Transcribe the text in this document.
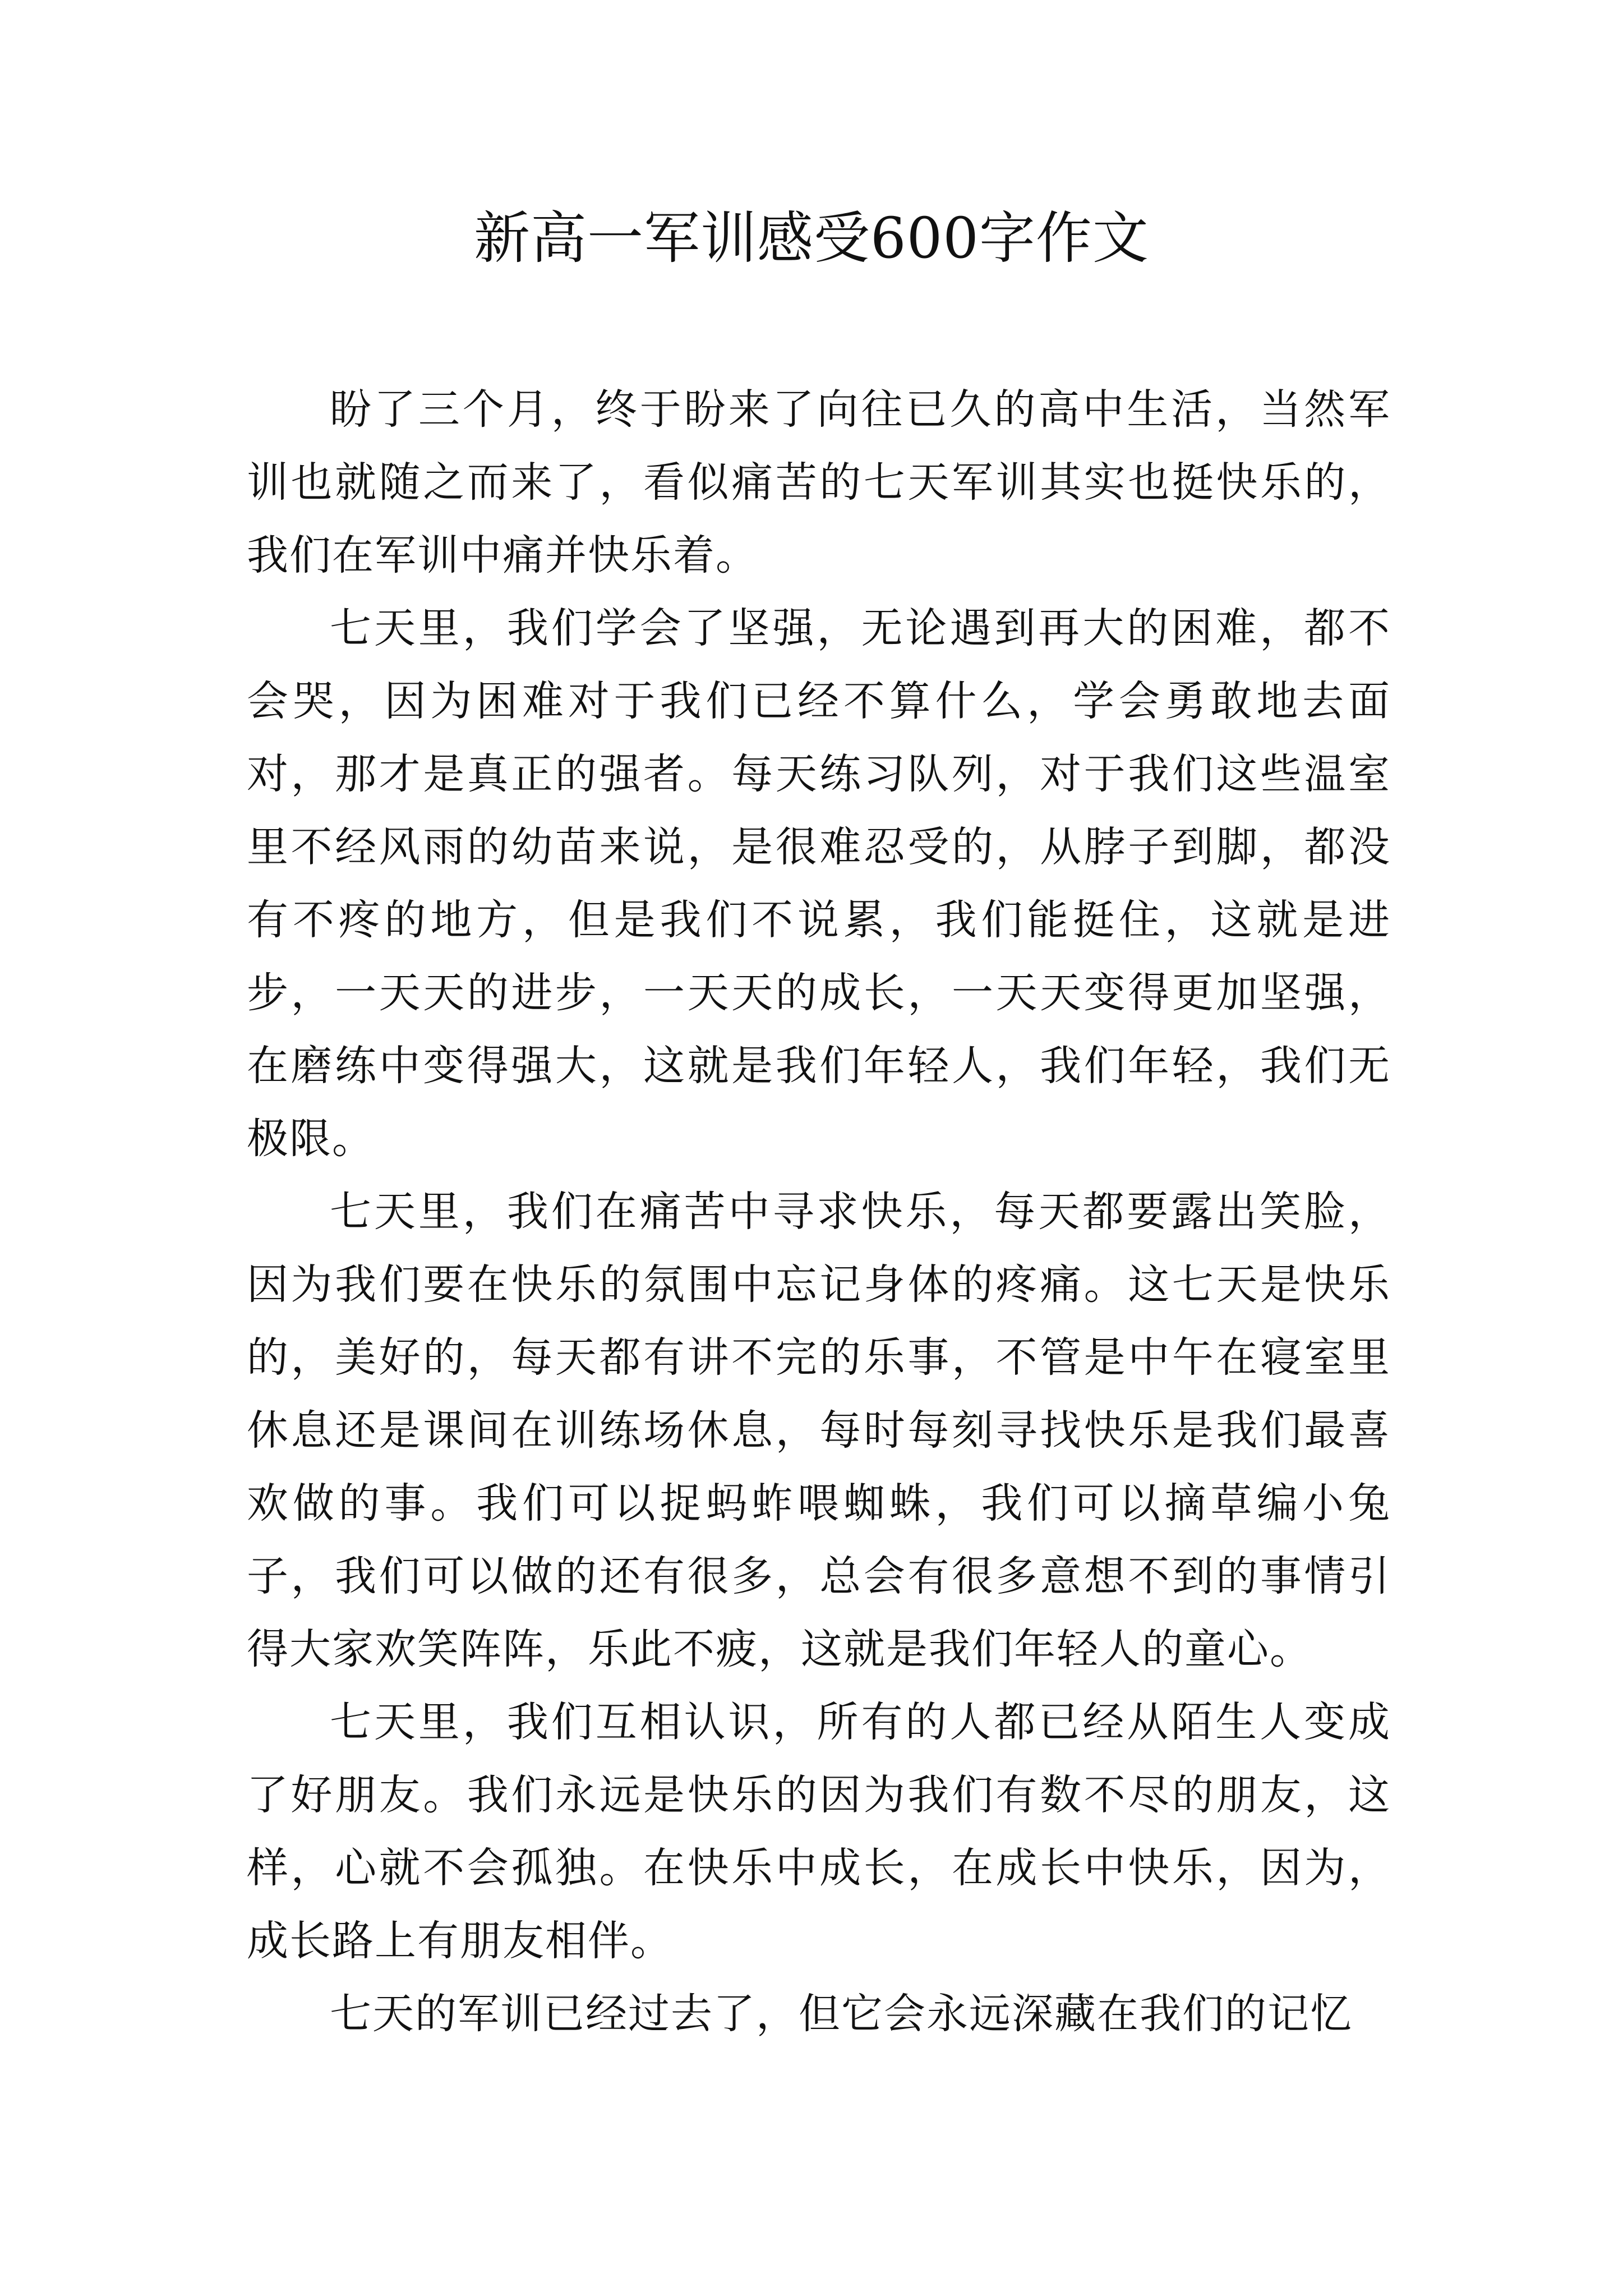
新高一军训感受600字作文

盼了三个月，终于盼来了向往已久的高中生活，当然军训也就随之而来了，看似痛苦的七天军训其实也挺快乐的，我们在军训中痛并快乐着。

七天里，我们学会了坚强，无论遇到再大的困难，都不会哭，因为困难对于我们已经不算什么，学会勇敢地去面对，那才是真正的强者。每天练习队列，对于我们这些温室里不经风雨的幼苗来说，是很难忍受的，从脖子到脚，都没有不疼的地方，但是我们不说累，我们能挺住，这就是进步，一天天的进步，一天天的成长，一天天变得更加坚强，在磨练中变得强大，这就是我们年轻人，我们年轻，我们无极限。

七天里，我们在痛苦中寻求快乐，每天都要露出笑脸，因为我们要在快乐的氛围中忘记身体的疼痛。这七天是快乐的，美好的，每天都有讲不完的乐事，不管是中午在寝室里休息还是课间在训练场休息，每时每刻寻找快乐是我们最喜欢做的事。我们可以捉蚂蚱喂蜘蛛，我们可以摘草编小兔子，我们可以做的还有很多，总会有很多意想不到的事情引得大家欢笑阵阵，乐此不疲，这就是我们年轻人的童心。

七天里，我们互相认识，所有的人都已经从陌生人变成了好朋友。我们永远是快乐的因为我们有数不尽的朋友，这样，心就不会孤独。在快乐中成长，在成长中快乐，因为，成长路上有朋友相伴。

七天的军训已经过去了，但它会永远深藏在我们的记忆
